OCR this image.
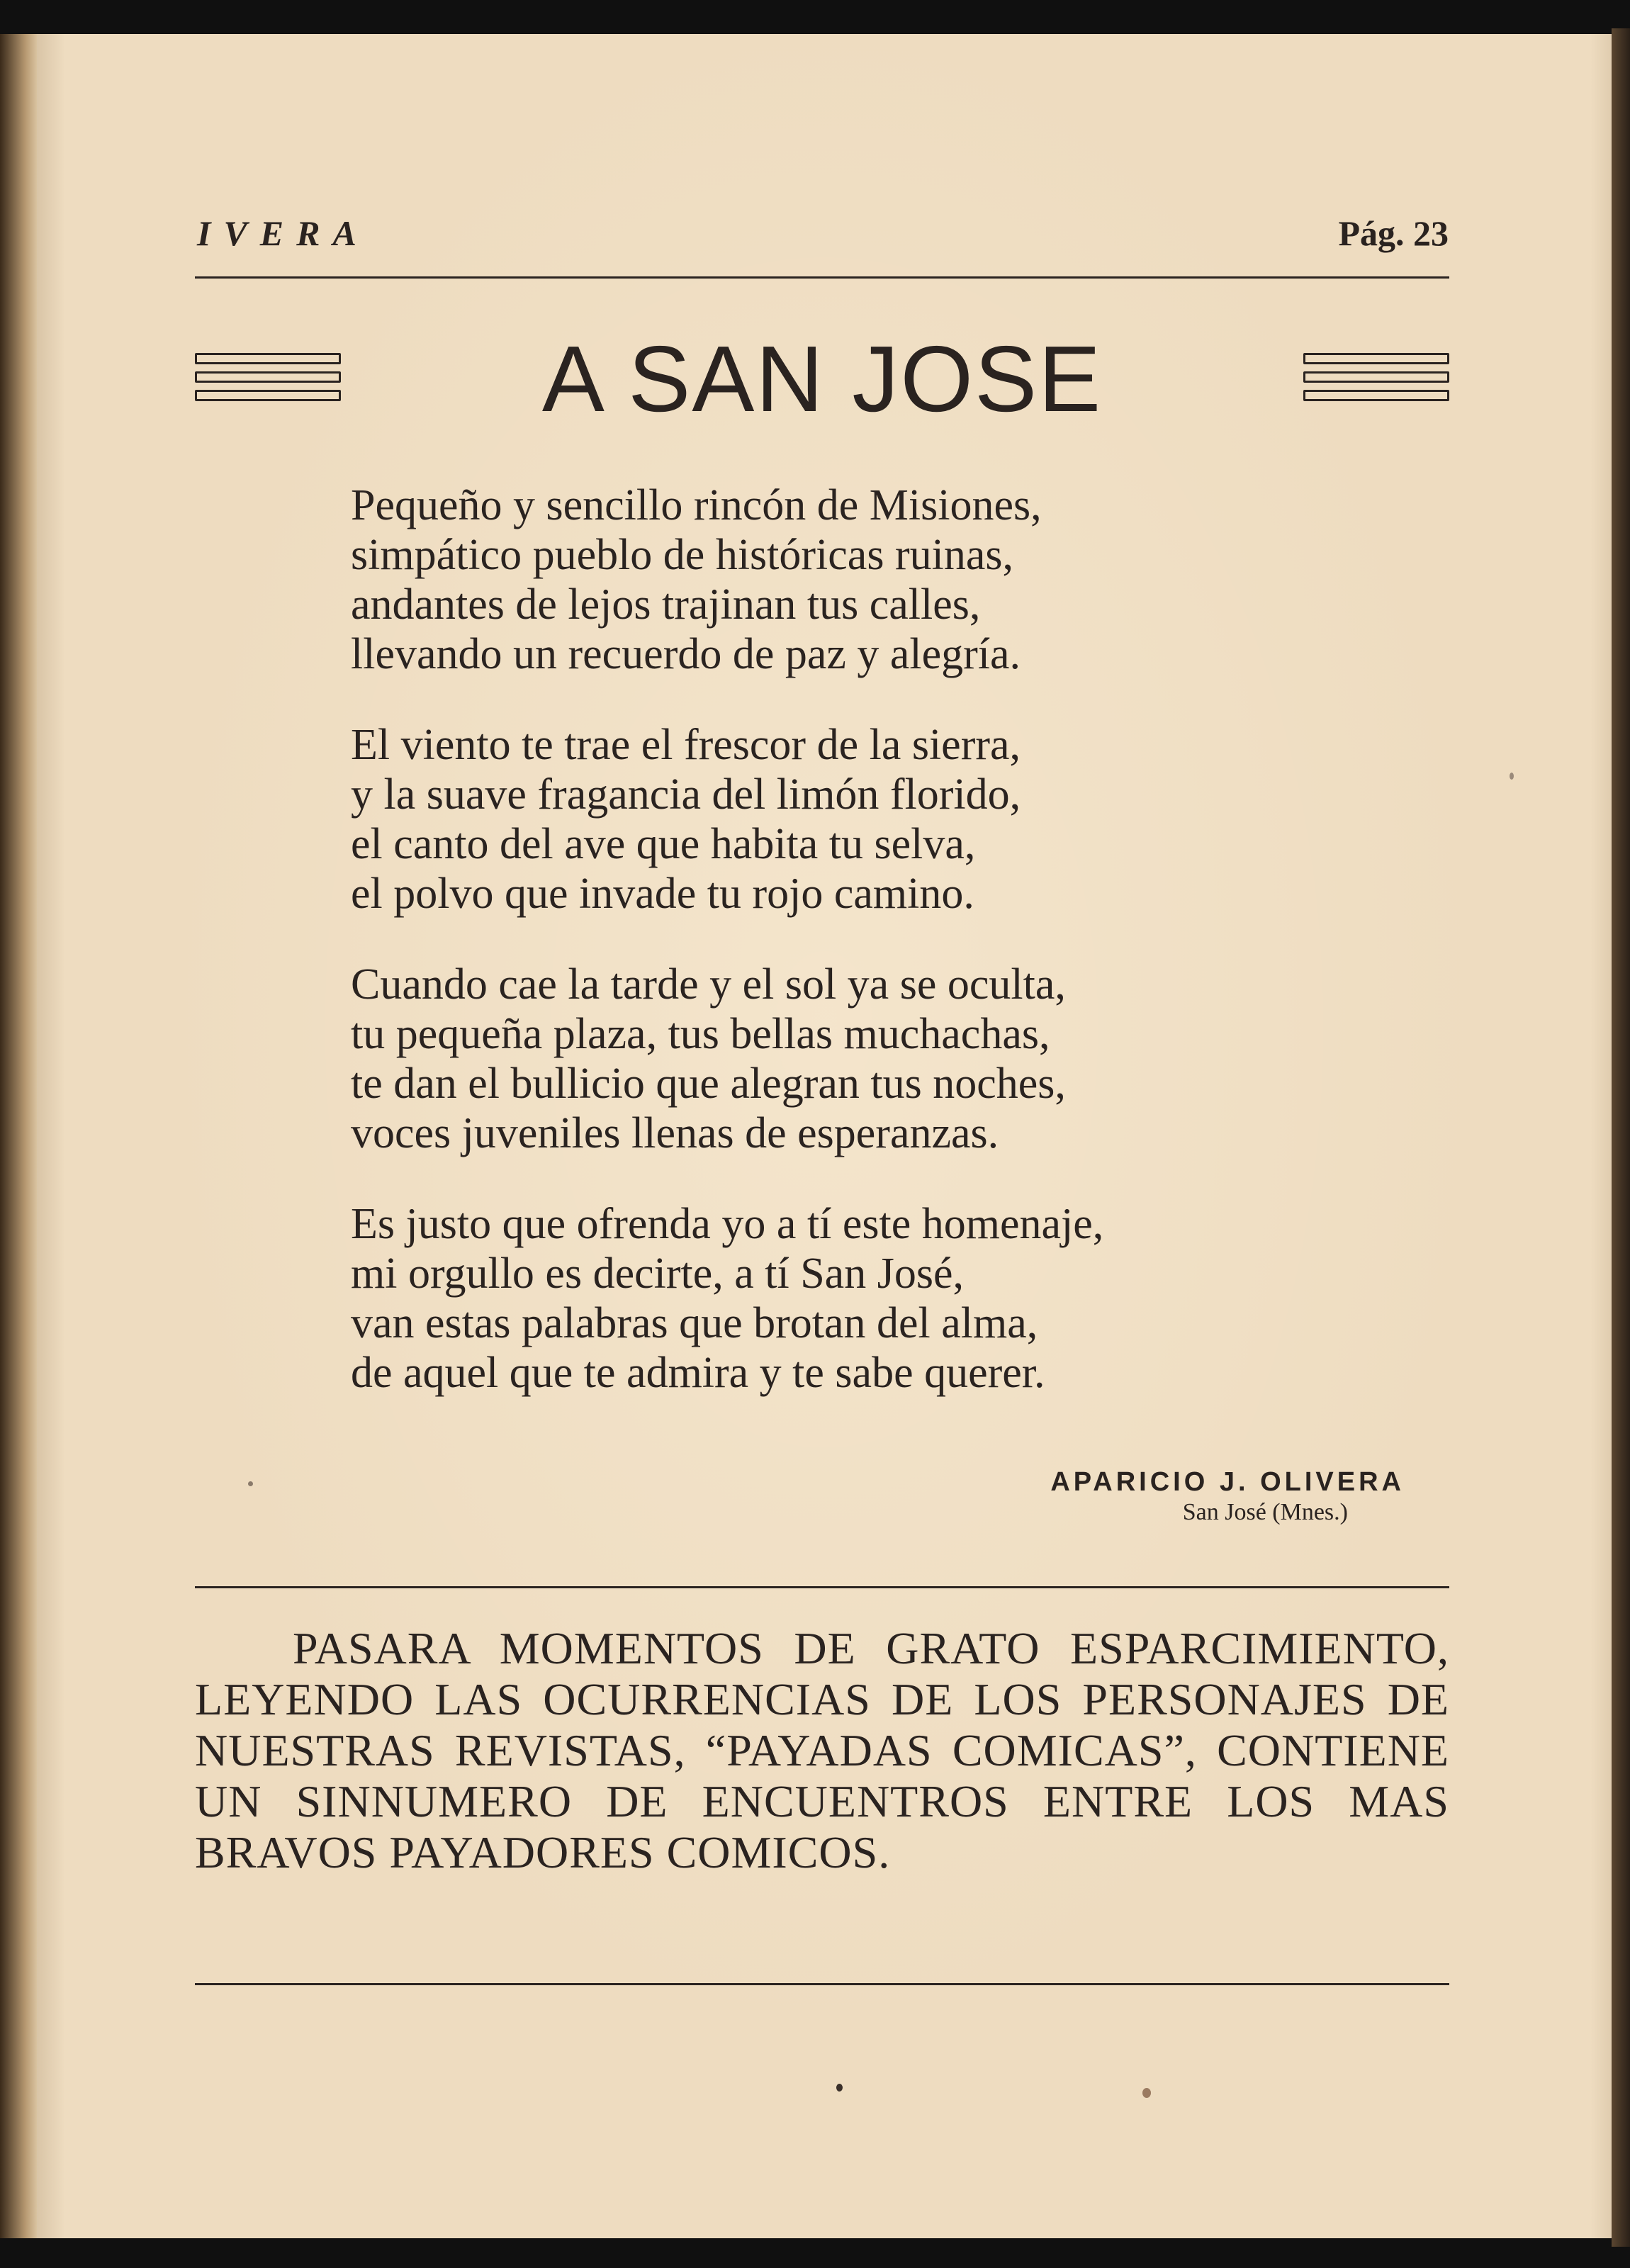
IVERA	Pág. 23
A SAN JOSE
Pequeño y sencillo rincón de Misiones,
simpático pueblo de históricas ruinas,
andantes de lejos trajinan tus calles,
llevando un recuerdo de paz y alegría.
El viento te trae el frescor de la sierra,
y la suave fragancia del limón florido,
el canto del ave que habita tu selva,
el polvo que invade tu rojo camino.
Cuando cae la tarde y el sol ya se oculta,
tu pequeña plaza, tus bellas muchachas,
te dan el bullicio que alegran tus noches,
voces juveniles llenas de esperanzas.
Es justo que ofrenda yo a tí este homenaje,
mi orgullo es decirte, a tí San José,
van estas palabras que brotan del alma,
de aquel que te admira y te sabe querer.
APARICIO J. OLIVERA
San José (Mnes.)
PASARA MOMENTOS DE GRATO ESPARCIMIENTO, LEYENDO LAS OCURRENCIAS DE LOS PERSONAJES DE NUESTRAS REVISTAS, “PAYADAS COMICAS”, CONTIENE UN SINNUMERO DE ENCUENTROS ENTRE LOS MAS BRAVOS PAYADORES COMICOS.
